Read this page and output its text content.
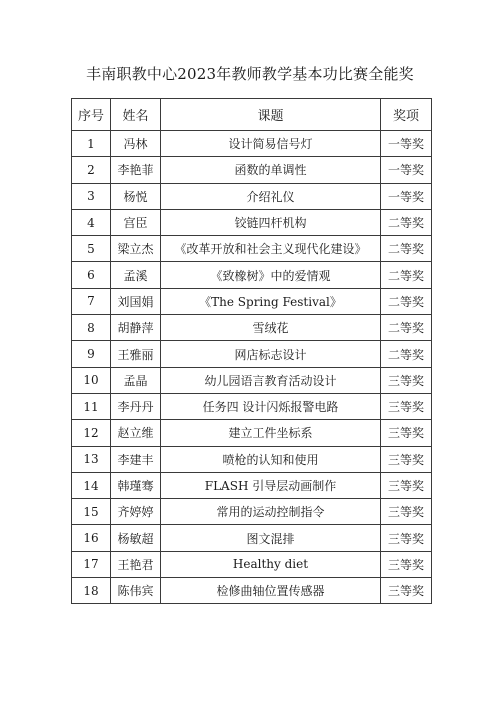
丰南职教中心2023年教师教学基本功比赛全能奖
序号	姓名	课题	奖项
1	冯林	设计简易信号灯	一等奖
2	李艳菲	函数的单调性	一等奖
3	杨悦	介绍礼仪	一等奖
4	宫臣	铰链四杆机构	二等奖
5	梁立杰	《改革开放和社会主义现代化建设》	二等奖
6	孟溪	《致橡树》中的爱情观	二等奖
7	刘国娟	《The Spring Festival》	二等奖
8	胡静萍	雪绒花	二等奖
9	王雅丽	网店标志设计	二等奖
10	孟晶	幼儿园语言教育活动设计	三等奖
11	李丹丹	任务四 设计闪烁报警电路	三等奖
12	赵立维	建立工件坐标系	三等奖
13	李建丰	喷枪的认知和使用	三等奖
14	韩瑾骞	FLASH 引导层动画制作	三等奖
15	齐婷婷	常用的运动控制指令	三等奖
16	杨敏超	图文混排	三等奖
17	王艳君	Healthy diet	三等奖
18	陈伟宾	检修曲轴位置传感器	三等奖
